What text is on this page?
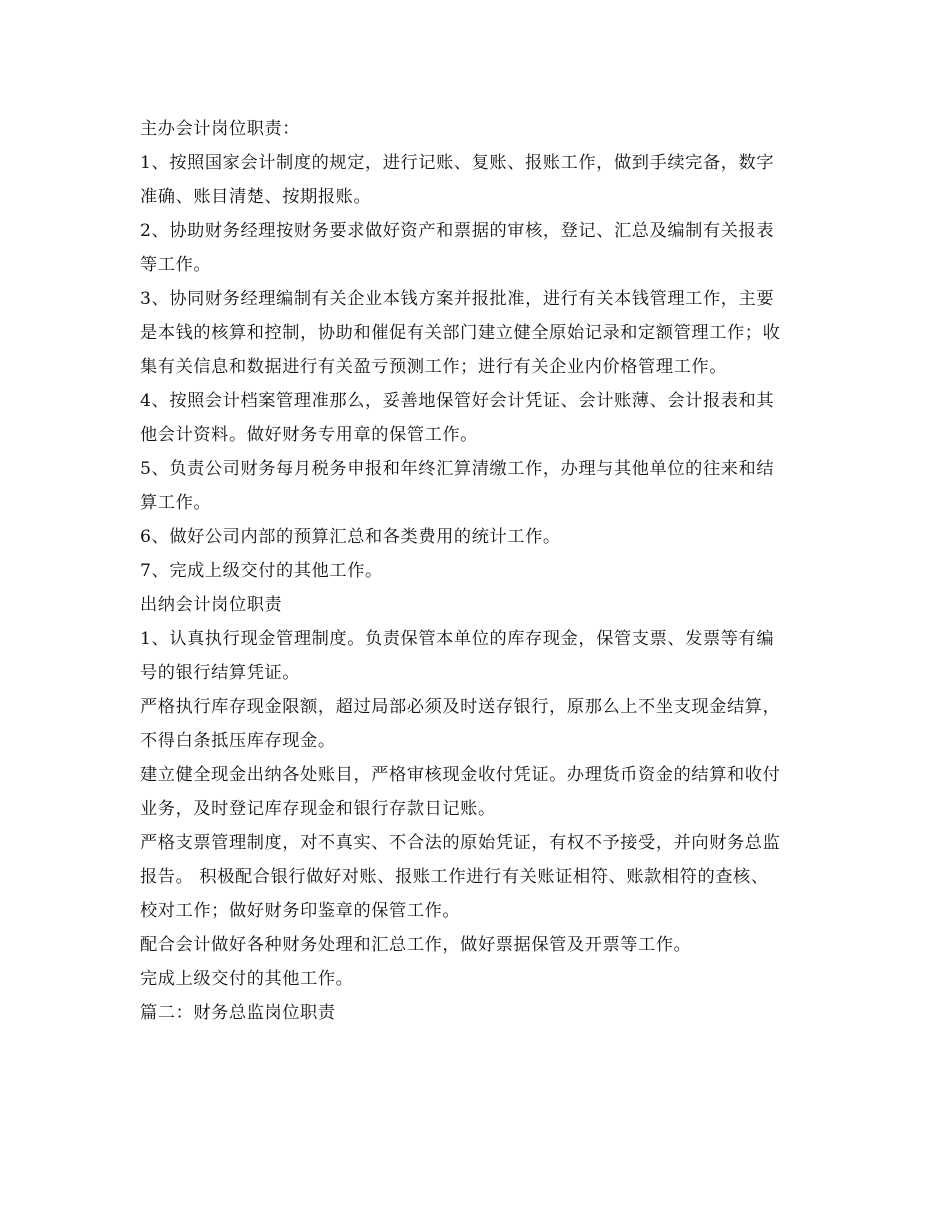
主办会计岗位职责：

1、按照国家会计制度的规定，进行记账、复账、报账工作，做到手续完备，数字
准确、账目清楚、按期报账。

2、协助财务经理按财务要求做好资产和票据的审核，登记、汇总及编制有关报表
等工作。

3、协同财务经理编制有关企业本钱方案并报批准，进行有关本钱管理工作，主要
是本钱的核算和控制，协助和催促有关部门建立健全原始记录和定额管理工作；收
集有关信息和数据进行有关盈亏预测工作；进行有关企业内价格管理工作。

4、按照会计档案管理准那么，妥善地保管好会计凭证、会计账薄、会计报表和其
他会计资料。做好财务专用章的保管工作。

5、负责公司财务每月税务申报和年终汇算清缴工作，办理与其他单位的往来和结
算工作。

6、做好公司内部的预算汇总和各类费用的统计工作。

7、完成上级交付的其他工作。

出纳会计岗位职责

1、认真执行现金管理制度。负责保管本单位的库存现金，保管支票、发票等有编
号的银行结算凭证。

严格执行库存现金限额，超过局部必须及时送存银行，原那么上不坐支现金结算，
不得白条抵压库存现金。

建立健全现金出纳各处账目，严格审核现金收付凭证。办理货币资金的结算和收付
业务，及时登记库存现金和银行存款日记账。

严格支票管理制度，对不真实、不合法的原始凭证，有权不予接受，并向财务总监
报告。 积极配合银行做好对账、报账工作进行有关账证相符、账款相符的查核、
校对工作；做好财务印鉴章的保管工作。

配合会计做好各种财务处理和汇总工作，做好票据保管及开票等工作。

完成上级交付的其他工作。

篇二：财务总监岗位职责
